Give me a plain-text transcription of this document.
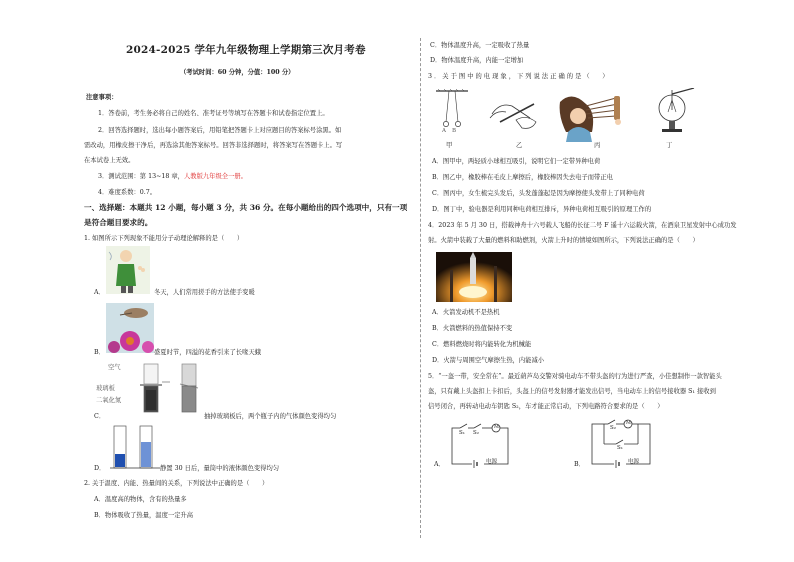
2024-2025 学年九年级物理上学期第三次月考卷
（考试时间：60 分钟，分值：100 分）
注意事项：
1．答卷前，考生务必将自己的姓名、准考证号等填写在答题卡和试卷指定位置上。
2．回答选择题时，选出每小题答案后，用铅笔把答题卡上对应题目的答案标号涂黑。如
需改动，用橡皮擦干净后，再选涂其他答案标号。回答非选择题时，将答案写在答题卡上。写
在本试卷上无效。
3．测试范围：第 13~18 章，人教版九年级全一册。
4．难度系数：0.7。
一、选择题：本题共 12 小题，每小题 3 分，共 36 分。在每小题给出的四个选项中，只有一项
是符合题目要求的。
1. 如图所示下列现象不能用分子动理论解释的是（　　）
A．	冬天，人们常用搓手的方法使手变暖
B．	盛夏时节，四溢的花香引来了长喙天蛾
C．
空气
玻璃板
二氧化氮
抽掉玻璃板后，两个瓶子内的气体颜色变得均匀
D．	静置 30 日后，量筒中的液体颜色变得均匀
2. 关于温度、内能、热量间的关系，下列说法中正确的是（　　）
A．温度高的物体，含有的热量多
B．物体吸收了热量，温度一定升高
C．物体温度升高，一定吸收了热量
D．物体温度升高，内能一定增加
3 ． 关 于 图 中 的 电 现 象 ， 下 列 说 法 正 确 的 是 （　　）
A B
甲	乙	丙	丁
A．图甲中，两轻质小球相互吸引，说明它们一定带异种电荷
B．图乙中，橡胶棒在毛皮上摩擦后，橡胶棒因失去电子而带正电
C．图丙中，女生梳完头发后，头发蓬蓬起是因为摩擦使头发带上了同种电荷
D．图丁中，验电器是利用同种电荷相互排斥，异种电荷相互吸引的原理工作的
4．2023 年 5 月 30 日，搭载神舟十六号载人飞船的长征二号 F 遥十六运载火箭，在酒泉卫星发射中心成功发
射。火箭中装载了大量的燃料和助燃剂，火箭上升时的情境如图所示，下列说法正确的是（　　）
A．火箭发动机不是热机
B．火箭燃料的热值保持不变
C．燃料燃烧时将内能转化为机械能
D．火箭与周围空气摩擦生热，内能减小
5．“一盔一带，安全常在”。最近葫芦岛交警对骑电动车不带头盔的行为进行严查，小佳想制作一款智能头
盔，只有戴上头盔扣上卡扣后，头盔上的信号发射器才能发出信号，当电动车上的信号接收器 S₁ 接收到
信号闭合，再转动电动车钥匙 S₂，车才能正常启动，下列电路符合要求的是（　　）
A．
S₁ S₂
M
电源	B．
S₂
M
S₁
电源
